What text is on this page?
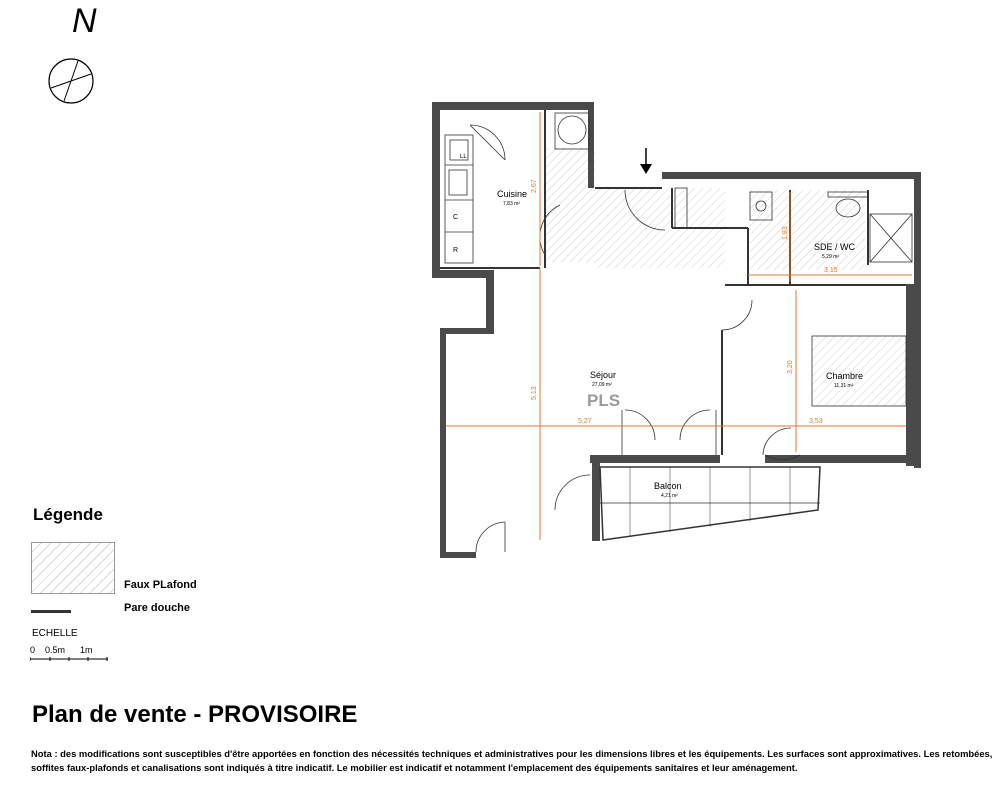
N
LL
C
R
2,67
5,13
5,27	3,53
3,15
1,83
3,20
Cuisine
7,83 m²
Séjour
27,09 m²
PLS
SDE / WC
5,29 m²
Chambre
11,31 m²
Balcon
4,21 m²
Légende
Faux PLafond
Pare douche
ECHELLE
0 0.5m 1m
Plan de vente - PROVISOIRE
Nota : des modifications sont susceptibles d'être apportées en fonction des nécessités techniques et administratives pour les dimensions libres et les équipements. Les surfaces sont approximatives. Les retombées, soffites faux-plafonds et canalisations sont indiqués à titre indicatif. Le mobilier est indicatif et notamment l'emplacement des équipements sanitaires et leur aménagement.
